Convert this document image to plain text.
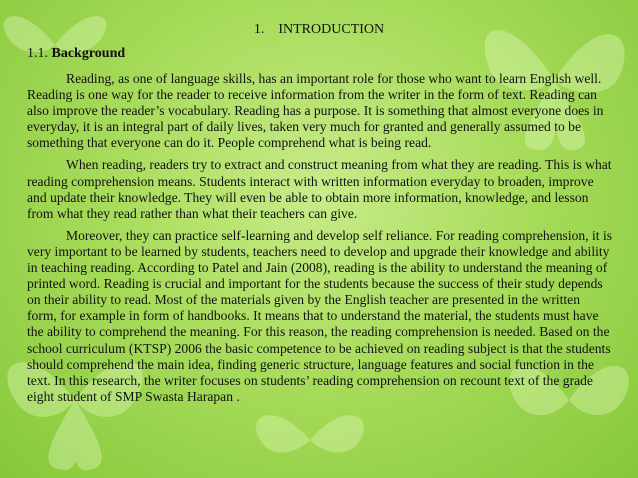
1. INTRODUCTION
1.1. Background

Reading, as one of language skills, has an important role for those who want to learn English well. Reading is one way for the reader to receive information from the writer in the form of text. Reading can also improve the reader’s vocabulary. Reading has a purpose. It is something that almost everyone does in everyday, it is an integral part of daily lives, taken very much for granted and generally assumed to be something that everyone can do it. People comprehend what is being read.

When reading, readers try to extract and construct meaning from what they are reading. This is what reading comprehension means. Students interact with written information everyday to broaden, improve and update their knowledge. They will even be able to obtain more information, knowledge, and lesson from what they read rather than what their teachers can give.

Moreover, they can practice self-learning and develop self reliance. For reading comprehension, it is very important to be learned by students, teachers need to develop and upgrade their knowledge and ability in teaching reading. According to Patel and Jain (2008), reading is the ability to understand the meaning of printed word. Reading is crucial and important for the students because the success of their study depends on their ability to read. Most of the materials given by the English teacher are presented in the written form, for example in form of handbooks. It means that to understand the material, the students must have the ability to comprehend the meaning. For this reason, the reading comprehension is needed. Based on the school curriculum (KTSP) 2006 the basic competence to be achieved on reading subject is that the students should comprehend the main idea, finding generic structure, language features and social function in the text. In this research, the writer focuses on students’ reading comprehension on recount text of the grade eight student of SMP Swasta Harapan .
